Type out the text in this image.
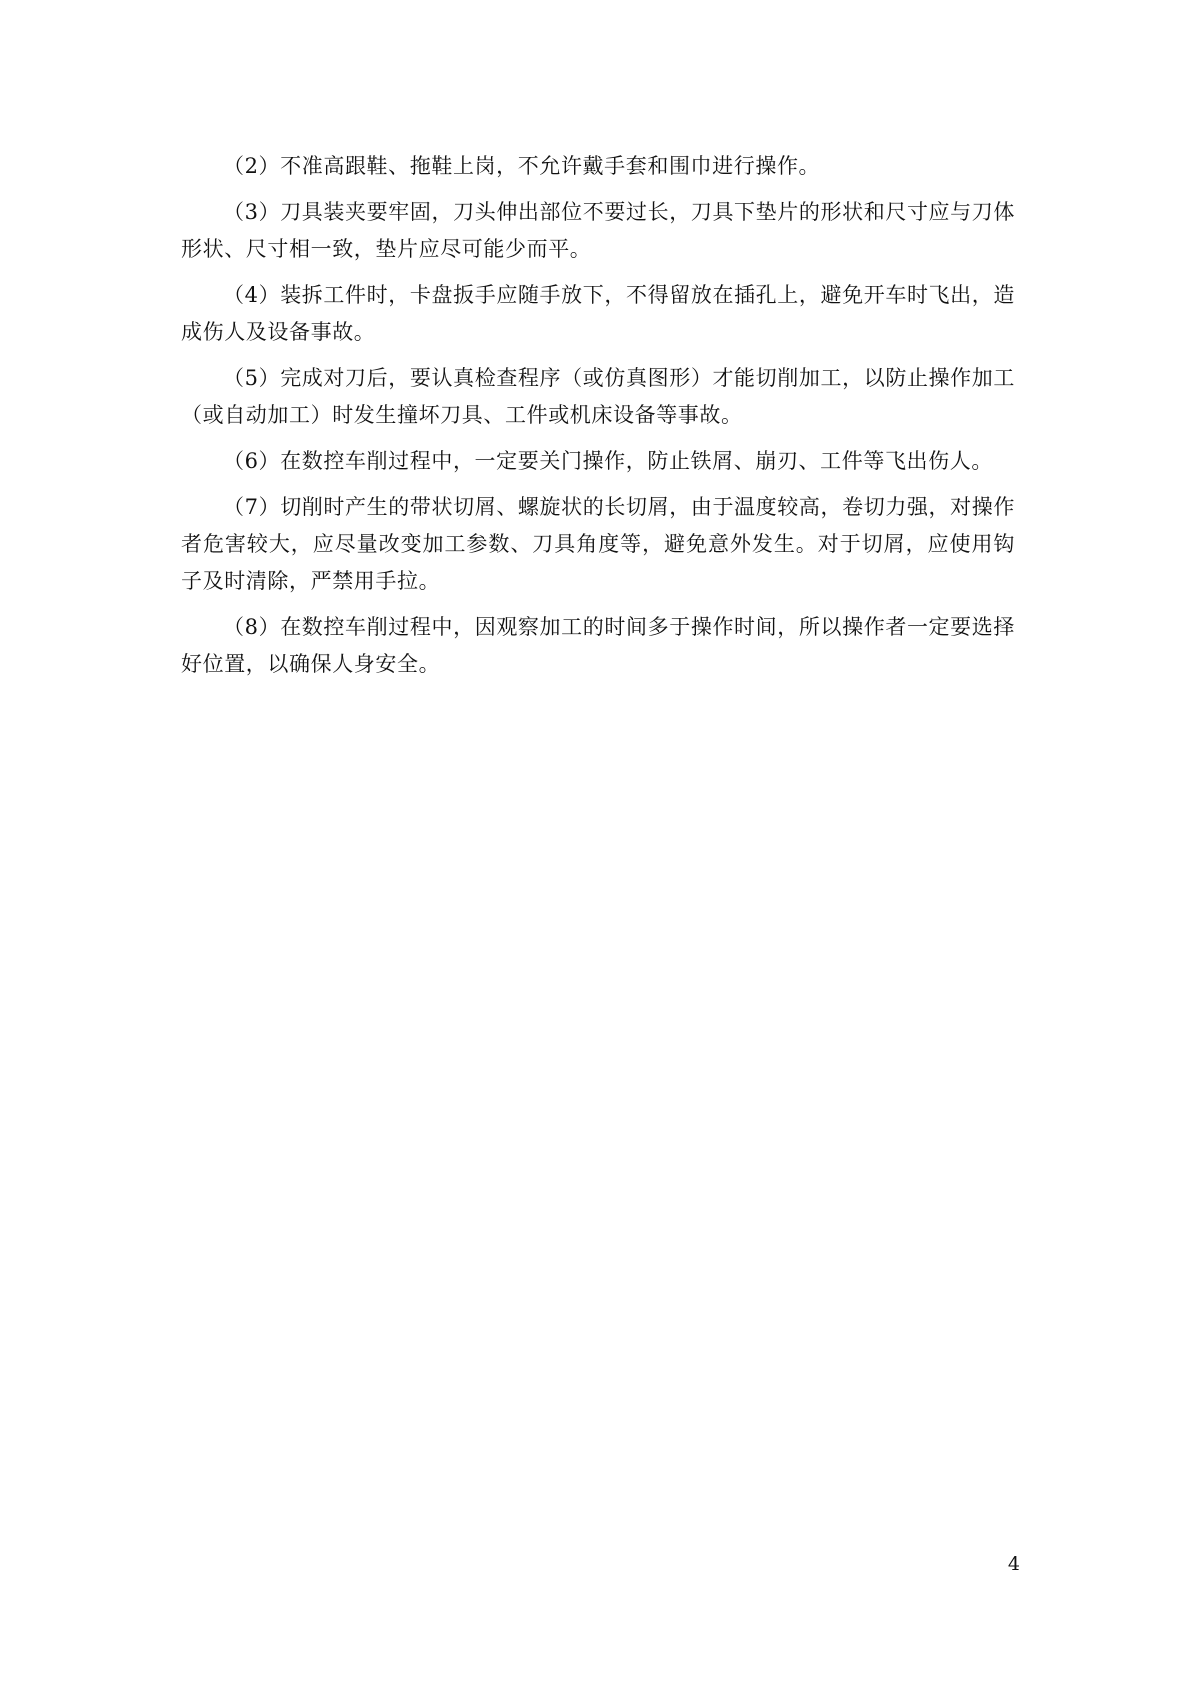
（2）不准高跟鞋、拖鞋上岗，不允许戴手套和围巾进行操作。

（3）刀具装夹要牢固，刀头伸出部位不要过长，刀具下垫片的形状和尺寸应与刀体形状、尺寸相一致，垫片应尽可能少而平。

（4）装拆工件时，卡盘扳手应随手放下，不得留放在插孔上，避免开车时飞出，造成伤人及设备事故。

（5）完成对刀后，要认真检查程序（或仿真图形）才能切削加工，以防止操作加工（或自动加工）时发生撞坏刀具、工件或机床设备等事故。

（6）在数控车削过程中，一定要关门操作，防止铁屑、崩刃、工件等飞出伤人。

（7）切削时产生的带状切屑、螺旋状的长切屑，由于温度较高，卷切力强，对操作者危害较大，应尽量改变加工参数、刀具角度等，避免意外发生。对于切屑，应使用钩子及时清除，严禁用手拉。

（8）在数控车削过程中，因观察加工的时间多于操作时间，所以操作者一定要选择好位置，以确保人身安全。

4
